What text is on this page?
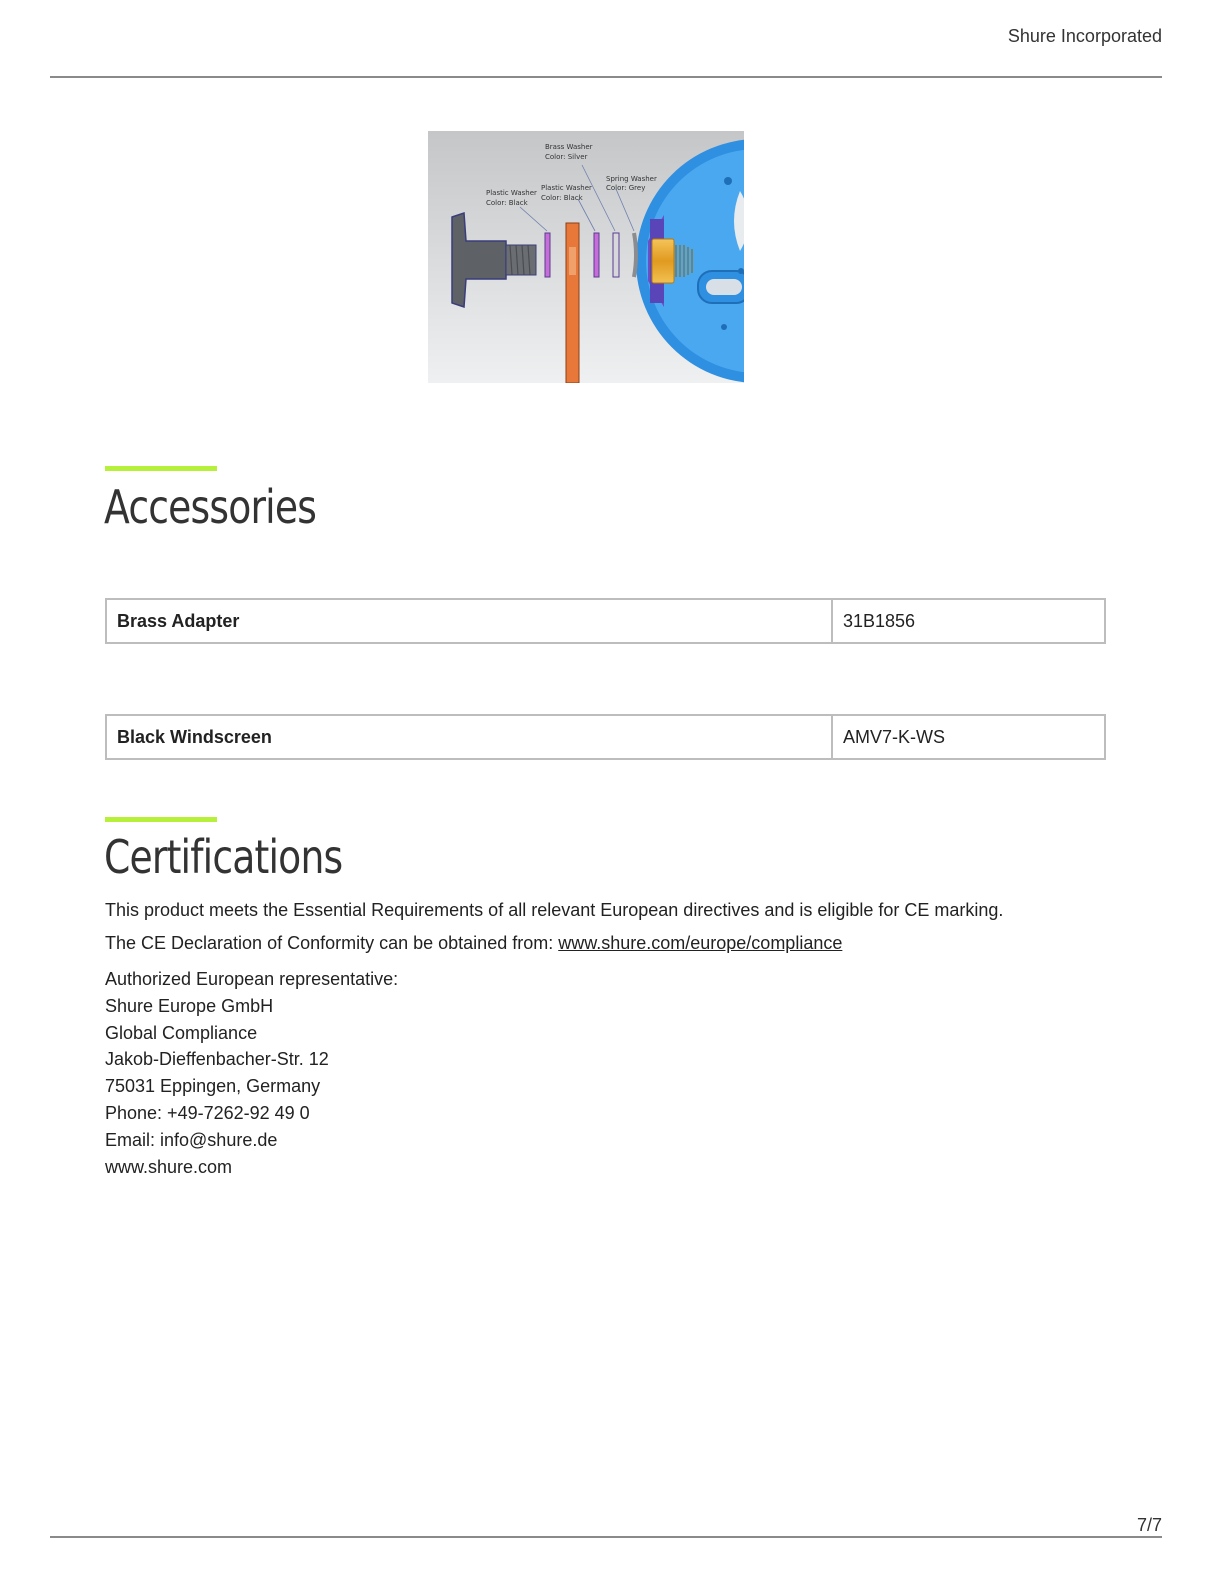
Shure Incorporated
Brass Washer
Color: Silver
Spring Washer
Color: Grey
Plastic Washer
Color: Black
Plastic Washer
Color: Black
Accessories
Brass Adapter	31B1856
Black Windscreen	AMV7-K-WS
Certifications

This product meets the Essential Requirements of all relevant European directives and is eligible for CE marking.

The CE Declaration of Conformity can be obtained from: www.shure.com/europe/compliance

Authorized European representative:
Shure Europe GmbH
Global Compliance
Jakob-Dieffenbacher-Str. 12
75031 Eppingen, Germany
Phone: +49-7262-92 49 0
Email: info@shure.de
www.shure.com
7/7
